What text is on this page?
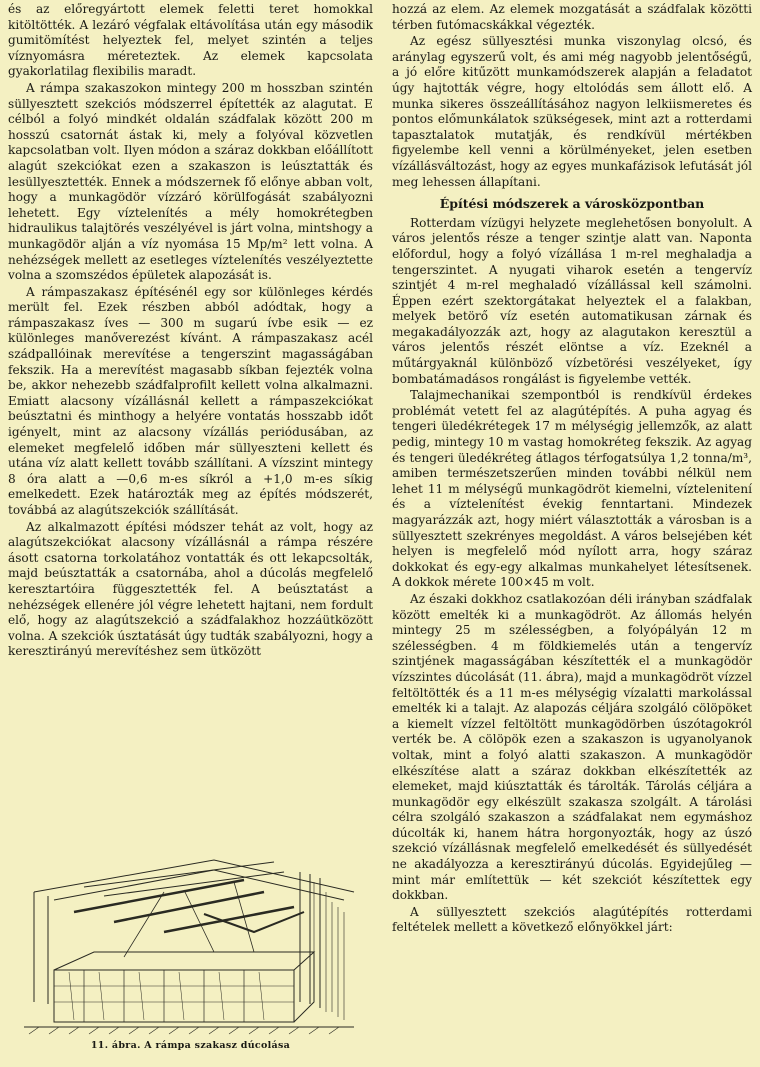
és az előregyártott elemek feletti teret homokkal kitöltötték. A lezáró végfalak eltávolítása után egy második gumitömítést helyeztek fel, melyet szintén a teljes víznyomásra méreteztek. Az elemek kapcsolata gyakorlatilag flexibilis maradt.

A rámpa szakaszokon mintegy 200 m hosszban szintén süllyesztett szekciós módszerrel építették az alagutat. E célból a folyó mindkét oldalán szádfalak között 200 m hosszú csatornát ástak ki, mely a folyóval közvetlen kapcsolatban volt. Ilyen módon a száraz dokkban előállított alagút szekciókat ezen a szakaszon is leúsztatták és lesüllyesztették. Ennek a módszernek fő előnye abban volt, hogy a munkagödör vízzáró körülfogását szabályozni lehetett. Egy víztelenítés a mély homokrétegben hidraulikus talajtörés veszélyével is járt volna, mintshogy a munkagödör alján a víz nyomása 15 Mp/m² lett volna. A nehézségek mellett az esetleges víztelenítés veszélyeztette volna a szomszédos épületek alapozását is.

A rámpaszakasz építésénél egy sor különleges kérdés merült fel. Ezek részben abból adódtak, hogy a rámpaszakasz íves — 300 m sugarú ívbe esik — ez különleges manőverezést kívánt. A rámpaszakasz acél szádpallóinak merevítése a tengerszint magasságában fekszik. Ha a merevítést magasabb síkban fejezték volna be, akkor nehezebb szádfalprofilt kellett volna alkalmazni. Emiatt alacsony vízállásnál kellett a rámpaszekciókat beúsztatni és minthogy a helyére vontatás hosszabb időt igényelt, mint az alacsony vízállás periódusában, az elemeket megfelelő időben már süllyeszteni kellett és utána víz alatt kellett tovább szállítani. A vízszint mintegy 8 óra alatt a —0,6 m-es síkról a +1,0 m-es síkig emelkedett. Ezek határozták meg az építés módszerét, továbbá az alagútszekciók szállítását.

Az alkalmazott építési módszer tehát az volt, hogy az alagútszekciókat alacsony vízállásnál a rámpa részére ásott csatorna torkolatához vontatták és ott lekapcsolták, majd beúsztatták a csatornába, ahol a dúcolás megfelelő keresztartóira függesztették fel. A beúsztatást a nehézségek ellenére jól végre lehetett hajtani, nem fordult elő, hogy az alagútszekció a szádfalakhoz hozzáütközött volna. A szekciók úsztatását úgy tudták szabályozni, hogy a keresztirányú merevítéshez sem ütközött

11. ábra. A rámpa szakasz dúcolása

hozzá az elem. Az elemek mozgatását a szádfalak közötti térben futómacskákkal végezték.

Az egész süllyesztési munka viszonylag olcsó, és aránylag egyszerű volt, és ami még nagyobb jelentőségű, a jó előre kitűzött munkamódszerek alapján a feladatot úgy hajtották végre, hogy eltolódás sem állott elő. A munka sikeres összeállításához nagyon lelkiismeretes és pontos előmunkálatok szükségesek, mint azt a rotterdami tapasztalatok mutatják, és rendkívül mértékben figyelembe kell venni a körülményeket, jelen esetben vízállásváltozást, hogy az egyes munkafázisok lefutását jól meg lehessen állapítani.

Építési módszerek a városközpontban

Rotterdam vízügyi helyzete meglehetősen bonyolult. A város jelentős része a tenger szintje alatt van. Naponta előfordul, hogy a folyó vízállása 1 m-rel meghaladja a tengerszintet. A nyugati viharok esetén a tengervíz szintjét 4 m-rel meghaladó vízállással kell számolni. Éppen ezért szektorgátakat helyeztek el a falakban, melyek betörő víz esetén automatikusan zárnak és megakadályozzák azt, hogy az alagutakon keresztül a város jelentős részét elöntse a víz. Ezeknél a műtárgyaknál különböző vízbetörési veszélyeket, így bombatámadásos rongálást is figyelembe vették.

Talajmechanikai szempontból is rendkívül érdekes problémát vetett fel az alagútépítés. A puha agyag és tengeri üledékrétegek 17 m mélységig jellemzők, az alatt pedig, mintegy 10 m vastag homokréteg fekszik. Az agyag és tengeri üledékréteg átlagos térfogatsúlya 1,2 tonna/m³, amiben természetszerűen minden további nélkül nem lehet 11 m mélységű munkagödröt kiemelni, víztelenitení és a víztelenítést évekig fenntartani. Mindezek magyarázzák azt, hogy miért választották a városban is a süllyesztett szekrényes megoldást. A város belsejében két helyen is megfelelő mód nyílott arra, hogy száraz dokkokat és egy-egy alkalmas munkahelyet létesítsenek. A dokkok mérete 100×45 m volt.

Az északi dokkhoz csatlakozóan déli irányban szádfalak között emelték ki a munkagödröt. Az állomás helyén mintegy 25 m szélességben, a folyópályán 12 m szélességben. 4 m földkiemelés után a tengervíz szintjének magasságában készítették el a munkagödör vízszintes dúcolását (11. ábra), majd a munkagödröt vízzel feltöltötték és a 11 m-es mélységig vízalatti markolással emelték ki a talajt. Az alapozás céljára szolgáló cölöpöket a kiemelt vízzel feltöltött munkagödörben úszótagokról verték be. A cölöpök ezen a szakaszon is ugyanolyanok voltak, mint a folyó alatti szakaszon. A munkagödör elkészítése alatt a száraz dokkban elkészítették az elemeket, majd kiúsztatták és tárolták. Tárolás céljára a munkagödör egy elkészült szakasza szolgált. A tárolási célra szolgáló szakaszon a szádfalakat nem egymáshoz dúcolták ki, hanem hátra horgonyozták, hogy az úszó szekció vízállásnak megfelelő emelkedését és süllyedését ne akadályozza a keresztirányú dúcolás. Egyidejűleg — mint már említettük — két szekciót készítettek egy dokkban.

A süllyesztett szekciós alagútépítés rotterdami feltételek mellett a következő előnyökkel járt:
